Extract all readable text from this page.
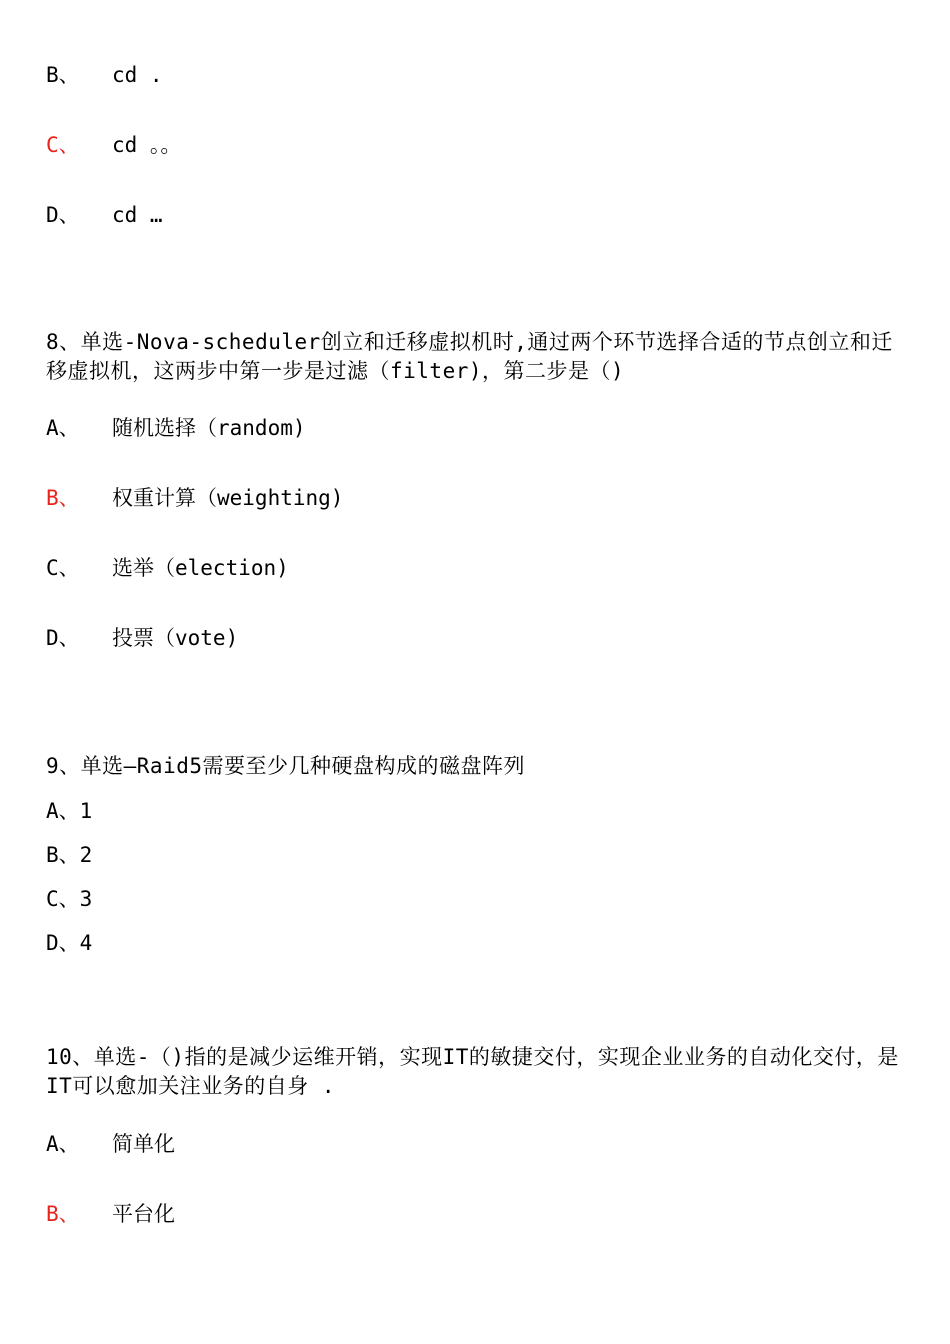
B、 cd .
C、 cd 。。
D、 cd …
8、单选-Nova-scheduler创立和迁移虚拟机时,通过两个环节选择合适的节点创立和迁移虚拟机，这两步中第一步是过滤（filter)，第二步是（)
A、 随机选择（random)
B、 权重计算（weighting)
C、 选举（election)
D、 投票（vote)
9、单选—Raid5需要至少几种硬盘构成的磁盘阵列
A、1
B、2
C、3
D、4
10、单选-（)指的是减少运维开销，实现IT的敏捷交付，实现企业业务的自动化交付，是IT可以愈加关注业务的自身 .
A、 简单化
B、 平台化
